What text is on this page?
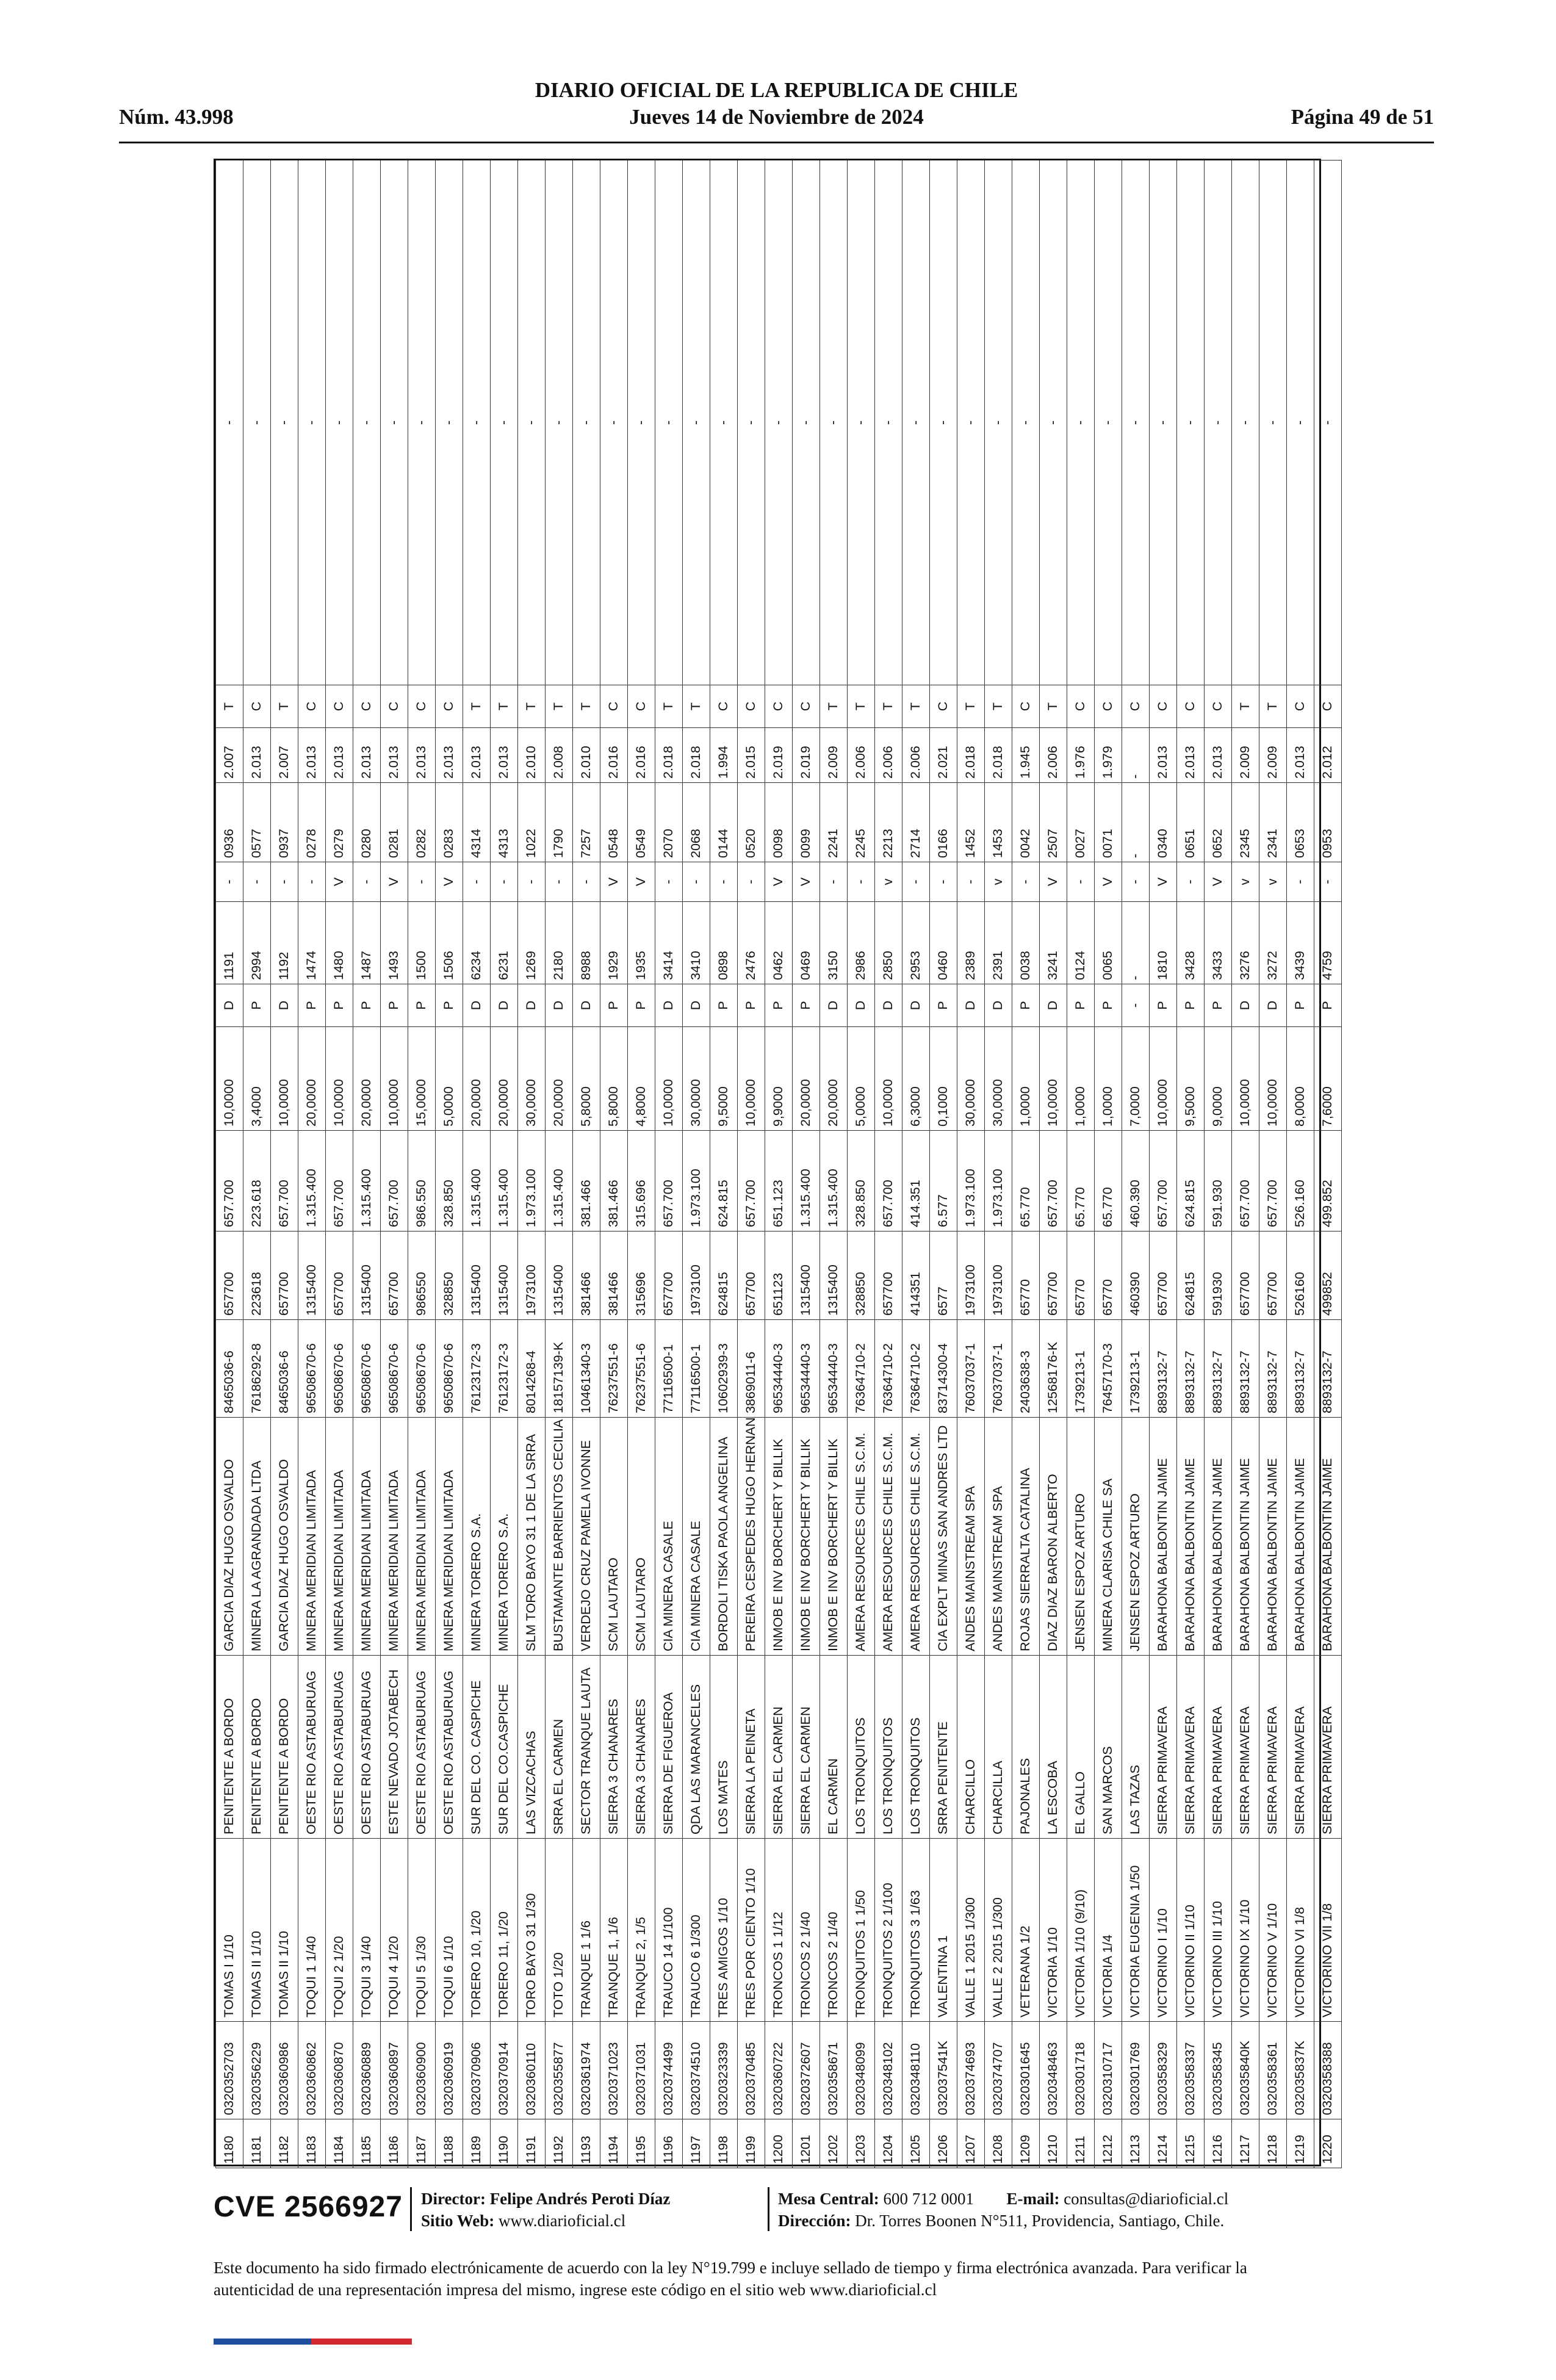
DIARIO OFICIAL DE LA REPUBLICA DE CHILE
Núm. 43.998	Jueves 14 de Noviembre de 2024	Página 49 de 51
1180	0320352703	TOMAS I 1/10	PENITENTE A BORDO	GARCIA DIAZ HUGO OSVALDO	8465036-6	657700	657.700	10,0000	D	1191	-	0936	2.007	T	-
1181	0320356229	TOMAS II 1/10	PENITENTE A BORDO	MINERA LA AGRANDADA LTDA	76186292-8	223618	223.618	3,4000	P	2994	-	0577	2.013	C	-
1182	0320360986	TOMAS II 1/10	PENITENTE A BORDO	GARCIA DIAZ HUGO OSVALDO	8465036-6	657700	657.700	10,0000	D	1192	-	0937	2.007	T	-
1183	0320360862	TOQUI 1 1/40	OESTE RIO ASTABURUAG	MINERA MERIDIAN LIMITADA	96508670-6	1315400	1.315.400	20,0000	P	1474	-	0278	2.013	C	-
1184	0320360870	TOQUI 2 1/20	OESTE RIO ASTABURUAG	MINERA MERIDIAN LIMITADA	96508670-6	657700	657.700	10,0000	P	1480	V	0279	2.013	C	-
1185	0320360889	TOQUI 3 1/40	OESTE RIO ASTABURUAG	MINERA MERIDIAN LIMITADA	96508670-6	1315400	1.315.400	20,0000	P	1487	-	0280	2.013	C	-
1186	0320360897	TOQUI 4 1/20	ESTE NEVADO JOTABECH	MINERA MERIDIAN LIMITADA	96508670-6	657700	657.700	10,0000	P	1493	V	0281	2.013	C	-
1187	0320360900	TOQUI 5 1/30	OESTE RIO ASTABURUAG	MINERA MERIDIAN LIMITADA	96508670-6	986550	986.550	15,0000	P	1500	-	0282	2.013	C	-
1188	0320360919	TOQUI 6 1/10	OESTE RIO ASTABURUAG	MINERA MERIDIAN LIMITADA	96508670-6	328850	328.850	5,0000	P	1506	V	0283	2.013	C	-
1189	0320370906	TORERO 10, 1/20	SUR DEL CO. CASPICHE	MINERA TORERO S.A.	76123172-3	1315400	1.315.400	20,0000	D	6234	-	4314	2.013	T	-
1190	0320370914	TORERO 11, 1/20	SUR DEL CO.CASPICHE	MINERA TORERO S.A.	76123172-3	1315400	1.315.400	20,0000	D	6231	-	4313	2.013	T	-
1191	0320360110	TORO BAYO 31 1/30	LAS VIZCACHAS	SLM TORO BAYO 31 1 DE LA SRRA	8014268-4	1973100	1.973.100	30,0000	D	1269	-	1022	2.010	T	-
1192	0320355877	TOTO 1/20	SRRA EL CARMEN	BUSTAMANTE BARRIENTOS CECILIA	18157139-K	1315400	1.315.400	20,0000	D	2180	-	1790	2.008	T	-
1193	0320361974	TRANQUE 1 1/6	SECTOR TRANQUE LAUTA	VERDEJO CRUZ PAMELA IVONNE	10461340-3	381466	381.466	5,8000	D	8988	-	7257	2.010	T	-
1194	0320371023	TRANQUE 1, 1/6	SIERRA 3 CHANARES	SCM LAUTARO	76237551-6	381466	381.466	5,8000	P	1929	V	0548	2.016	C	-
1195	0320371031	TRANQUE 2, 1/5	SIERRA 3 CHANARES	SCM LAUTARO	76237551-6	315696	315.696	4,8000	P	1935	V	0549	2.016	C	-
1196	0320374499	TRAUCO 14 1/100	SIERRA DE FIGUEROA	CIA MINERA CASALE	77116500-1	657700	657.700	10,0000	D	3414	-	2070	2.018	T	-
1197	0320374510	TRAUCO 6 1/300	QDA LAS MARANCELES	CIA MINERA CASALE	77116500-1	1973100	1.973.100	30,0000	D	3410	-	2068	2.018	T	-
1198	0320323339	TRES AMIGOS 1/10	LOS MATES	BORDOLI TISKA PAOLA ANGELINA	10602939-3	624815	624.815	9,5000	P	0898	-	0144	1.994	C	-
1199	0320370485	TRES POR CIENTO 1/10	SIERRA LA PEINETA	PEREIRA CESPEDES HUGO HERNAN	3869011-6	657700	657.700	10,0000	P	2476	-	0520	2.015	C	-
1200	0320360722	TRONCOS 1 1/12	SIERRA EL CARMEN	INMOB E INV BORCHERT Y BILLIK	96534440-3	651123	651.123	9,9000	P	0462	V	0098	2.019	C	-
1201	0320372607	TRONCOS 2 1/40	SIERRA EL CARMEN	INMOB E INV BORCHERT Y BILLIK	96534440-3	1315400	1.315.400	20,0000	P	0469	V	0099	2.019	C	-
1202	0320358671	TRONCOS 2 1/40	EL CARMEN	INMOB E INV BORCHERT Y BILLIK	96534440-3	1315400	1.315.400	20,0000	D	3150	-	2241	2.009	T	-
1203	0320348099	TRONQUITOS 1 1/50	LOS TRONQUITOS	AMERA RESOURCES CHILE S.C.M.	76364710-2	328850	328.850	5,0000	D	2986	-	2245	2.006	T	-
1204	0320348102	TRONQUITOS 2 1/100	LOS TRONQUITOS	AMERA RESOURCES CHILE S.C.M.	76364710-2	657700	657.700	10,0000	D	2850	v	2213	2.006	T	-
1205	0320348110	TRONQUITOS 3 1/63	LOS TRONQUITOS	AMERA RESOURCES CHILE S.C.M.	76364710-2	414351	414.351	6,3000	D	2953	-	2714	2.006	T	-
1206	032037541K	VALENTINA 1	SRRA PENITENTE	CIA EXPLT MINAS SAN ANDRES LTD	83714300-4	6577	6.577	0,1000	P	0460	-	0166	2.021	C	-
1207	0320374693	VALLE 1 2015 1/300	CHARCILLO	ANDES MAINSTREAM SPA	76037037-1	1973100	1.973.100	30,0000	D	2389	-	1452	2.018	T	-
1208	0320374707	VALLE 2 2015 1/300	CHARCILLA	ANDES MAINSTREAM SPA	76037037-1	1973100	1.973.100	30,0000	D	2391	v	1453	2.018	T	-
1209	0320301645	VETERANA 1/2	PAJONALES	ROJAS SIERRALTA CATALINA	2403638-3	65770	65.770	1,0000	P	0038	-	0042	1.945	C	-
1210	0320348463	VICTORIA 1/10	LA ESCOBA	DIAZ DIAZ BARON ALBERTO	12568176-K	657700	657.700	10,0000	D	3241	V	2507	2.006	T	-
1211	0320301718	VICTORIA 1/10 (9/10)	EL GALLO	JENSEN ESPOZ ARTURO	1739213-1	65770	65.770	1,0000	P	0124	-	0027	1.976	C	-
1212	0320310717	VICTORIA 1/4	SAN MARCOS	MINERA CLARISA CHILE SA	76457170-3	65770	65.770	1,0000	P	0065	V	0071	1.979	C	-
1213	0320301769	VICTORIA EUGENIA 1/50	LAS TAZAS	JENSEN ESPOZ ARTURO	1739213-1	460390	460.390	7,0000	-	-	-	-	-	C	-
1214	0320358329	VICTORINO I 1/10	SIERRA PRIMAVERA	BARAHONA BALBONTIN JAIME	8893132-7	657700	657.700	10,0000	P	1810	V	0340	2.013	C	-
1215	0320358337	VICTORINO II 1/10	SIERRA PRIMAVERA	BARAHONA BALBONTIN JAIME	8893132-7	624815	624.815	9,5000	P	3428	-	0651	2.013	C	-
1216	0320358345	VICTORINO III 1/10	SIERRA PRIMAVERA	BARAHONA BALBONTIN JAIME	8893132-7	591930	591.930	9,0000	P	3433	V	0652	2.013	C	-
1217	032035840K	VICTORINO IX 1/10	SIERRA PRIMAVERA	BARAHONA BALBONTIN JAIME	8893132-7	657700	657.700	10,0000	D	3276	v	2345	2.009	T	-
1218	0320358361	VICTORINO V 1/10	SIERRA PRIMAVERA	BARAHONA BALBONTIN JAIME	8893132-7	657700	657.700	10,0000	D	3272	v	2341	2.009	T	-
1219	032035837K	VICTORINO VI 1/8	SIERRA PRIMAVERA	BARAHONA BALBONTIN JAIME	8893132-7	526160	526.160	8,0000	P	3439	-	0653	2.013	C	-
1220	0320358388	VICTORINO VII 1/8	SIERRA PRIMAVERA	BARAHONA BALBONTIN JAIME	8893132-7	499852	499.852	7,6000	P	4759	-	0953	2.012	C	-
CVE 2566927 Director: Felipe Andrés Peroti Díaz
Sitio Web: www.diarioficial.cl
Mesa Central: 600 712 0001 E-mail: consultas@diarioficial.cl
Dirección: Dr. Torres Boonen N°511, Providencia, Santiago, Chile.
Este documento ha sido firmado electrónicamente de acuerdo con la ley N°19.799 e incluye sellado de tiempo y firma electrónica avanzada. Para verificar la autenticidad de una representación impresa del mismo, ingrese este código en el sitio web www.diarioficial.cl
